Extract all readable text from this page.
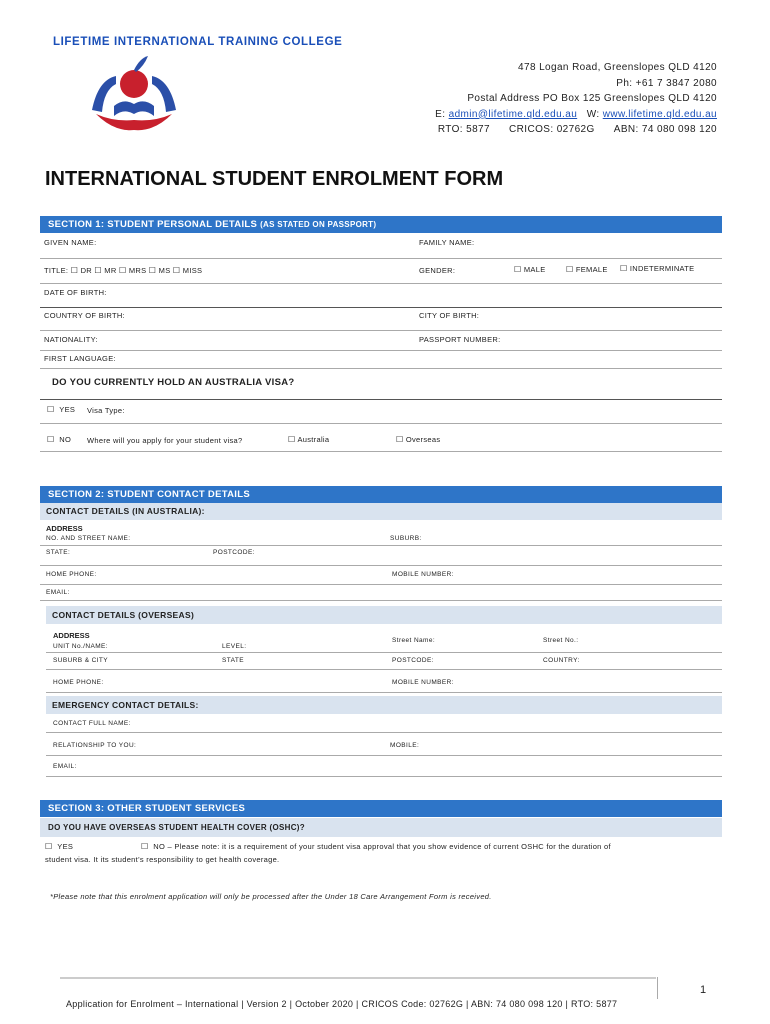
LIFETIME INTERNATIONAL TRAINING COLLEGE
478 Logan Road, Greenslopes QLD 4120
Ph: +61 7 3847 2080
Postal Address PO Box 125 Greenslopes QLD 4120
E: admin@lifetime.qld.edu.au W: www.lifetime.qld.edu.au
RTO: 5877 CRICOS: 02762G ABN: 74 080 098 120
INTERNATIONAL STUDENT ENROLMENT FORM
SECTION 1: STUDENT PERSONAL DETAILS (AS STATED ON PASSPORT)
GIVEN NAME:	FAMILY NAME:
TITLE: ☐ DR ☐ MR ☐ MRS ☐ MS ☐ MISS	GENDER:	☐ MALE	☐ FEMALE ☐ INDETERMINATE
DATE OF BIRTH:
COUNTRY OF BIRTH:	CITY OF BIRTH:
NATIONALITY:	PASSPORT NUMBER:
FIRST LANGUAGE:
DO YOU CURRENTLY HOLD AN AUSTRALIA VISA?
☐ YES Visa Type:
☐ NO Where will you apply for your student visa?	☐ Australia	☐ Overseas
SECTION 2: STUDENT CONTACT DETAILS
CONTACT DETAILS (IN AUSTRALIA):
ADDRESS
NO. AND STREET NAME:	SUBURB:
STATE:	POSTCODE:
HOME PHONE:	MOBILE NUMBER:
EMAIL:
CONTACT DETAILS (OVERSEAS)
ADDRESS
UNIT No./NAME:	LEVEL:
Street Name:	Street No.:
SUBURB & CITY	STATE	POSTCODE:	COUNTRY:
HOME PHONE:	MOBILE NUMBER:
EMERGENCY CONTACT DETAILS:
CONTACT FULL NAME:
RELATIONSHIP TO YOU:	MOBILE:
EMAIL:
SECTION 3: OTHER STUDENT SERVICES
DO YOU HAVE OVERSEAS STUDENT HEALTH COVER (OSHC)?
☐ YES	☐ NO – Please note: it is a requirement of your student visa approval that you show evidence of current OSHC for the duration of
student visa. It its student’s responsibility to get health coverage.
*Please note that this enrolment application will only be processed after the Under 18 Care Arrangement Form is received.
1
Application for Enrolment – International | Version 2 | October 2020 | CRICOS Code: 02762G | ABN: 74 080 098 120 | RTO: 5877
